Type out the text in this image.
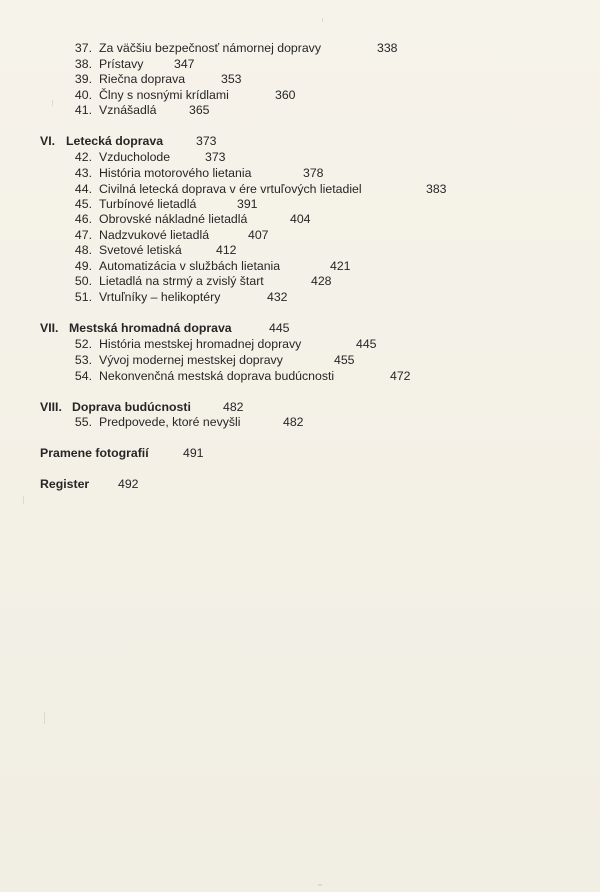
37. Za väčšiu bezpečnosť námornej dopravy	338
38. Prístavy 347
39. Riečna doprava	353
40. Člny s nosnými krídlami	360
41. Vznášadlá	365
VI. Letecká doprava	373
42. Vzducholode	373
43. História motorového lietania	378
44. Civilná letecká doprava v ére vrtuľových lietadiel	383
45. Turbínové lietadlá	391
46. Obrovské nákladné lietadlá	404
47. Nadzvukové lietadlá	407
48. Svetové letiská	412
49. Automatizácia v službách lietania	421
50. Lietadlá na strmý a zvislý štart	428
51. Vrtuľníky – helikoptéry	432
VII. Mestská hromadná doprava	445
52. História mestskej hromadnej dopravy	445
53. Vývoj modernej mestskej dopravy	455
54. Nekonvenčná mestská doprava budúcnosti	472
VIII. Doprava budúcnosti	482
55. Predpovede, ktoré nevyšli	482
Pramene fotografií	491
Register 492
